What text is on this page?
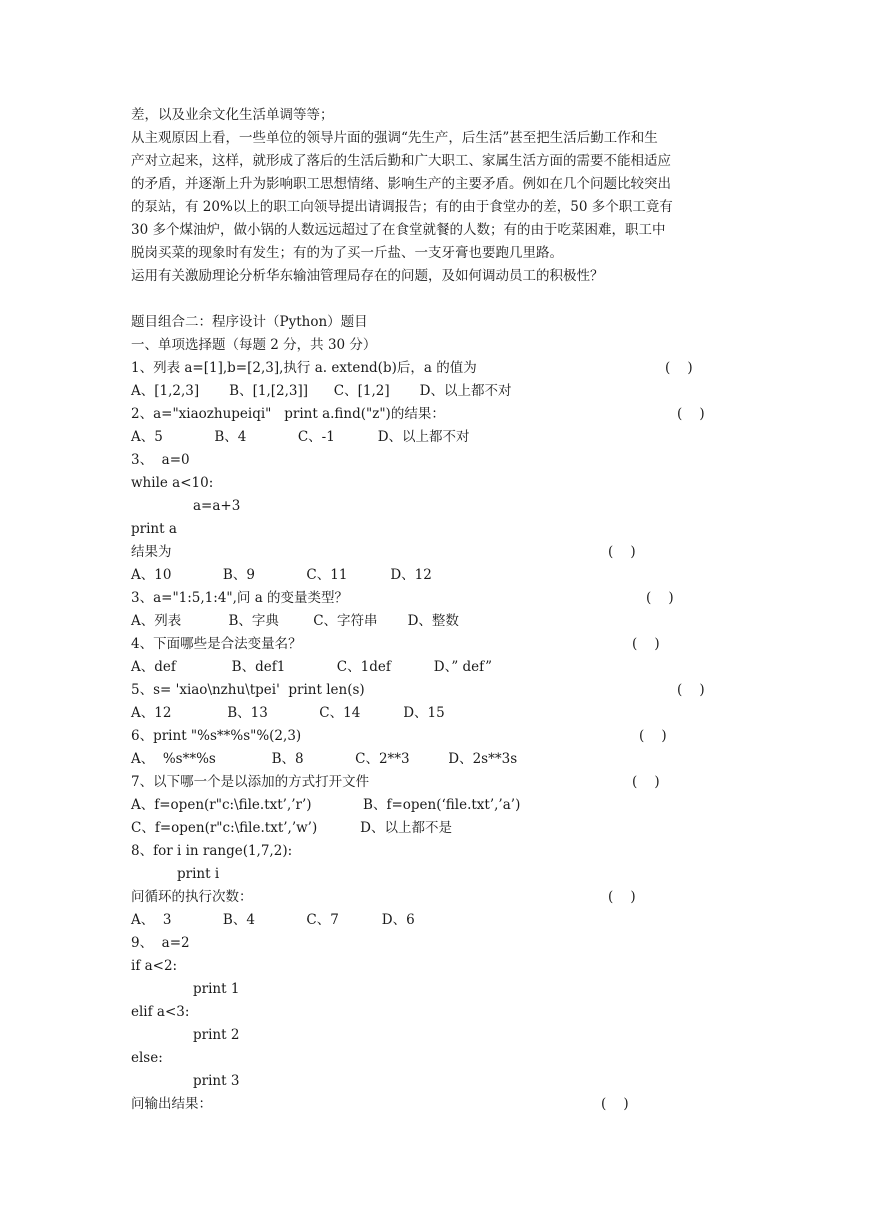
差，以及业余文化生活单调等等；
从主观原因上看，一些单位的领导片面的强调“先生产，后生活”甚至把生活后勤工作和生
产对立起来，这样，就形成了落后的生活后勤和广大职工、家属生活方面的需要不能相适应
的矛盾，并逐渐上升为影响职工思想情绪、影响生产的主要矛盾。例如在几个问题比较突出
的泵站，有 20%以上的职工向领导提出请调报告；有的由于食堂办的差，50 多个职工竟有
30 多个煤油炉，做小锅的人数远远超过了在食堂就餐的人数；有的由于吃菜困难，职工中
脱岗买菜的现象时有发生；有的为了买一斤盐、一支牙膏也要跑几里路。
运用有关激励理论分析华东输油管理局存在的问题，及如何调动员工的积极性？
题目组合二：程序设计（Python）题目
一、单项选择题（每题 2 分，共 30 分）
1、列表 a=[1],b=[2,3],执行 a. extend(b)后，a 的值为	(    )
A、[1,2,3]       B、[1,[2,3]]      C、[1,2]       D、以上都不对
2、a="xiaozhupeiqi"   print a.find("z")的结果：	(    )
A、5            B、4            C、-1          D、以上都不对
3、  a=0
while a<10:
a=a+3
print a
结果为	(    )
A、10            B、9            C、11          D、12
3、a="1:5,1:4",问 a 的变量类型？	(    )
A、列表           B、字典        C、字符串       D、整数
4、下面哪些是合法变量名？	(    )
A、def             B、def1            C、1def          D、” def”
5、s= 'xiao\nzhu\tpei'  print len(s)	(    )
A、12             B、13            C、14          D、15
6、print "%s**%s"%(2,3)	(    )
A、  %s**%s             B、8            C、2**3         D、2s**3s
7、以下哪一个是以添加的方式打开文件	(    )
A、f=open(r"c:\file.txt’,’r’)            B、f=open(‘file.txt’,’a’)
C、f=open(r"c:\file.txt’,’w’)          D、以上都不是
8、for i in range(1,7,2):
print i
问循环的执行次数：	(    )
A、  3            B、4            C、7          D、6
9、  a=2
if a<2:
print 1
elif a<3:
print 2
else:
print 3
问输出结果：	(    )
